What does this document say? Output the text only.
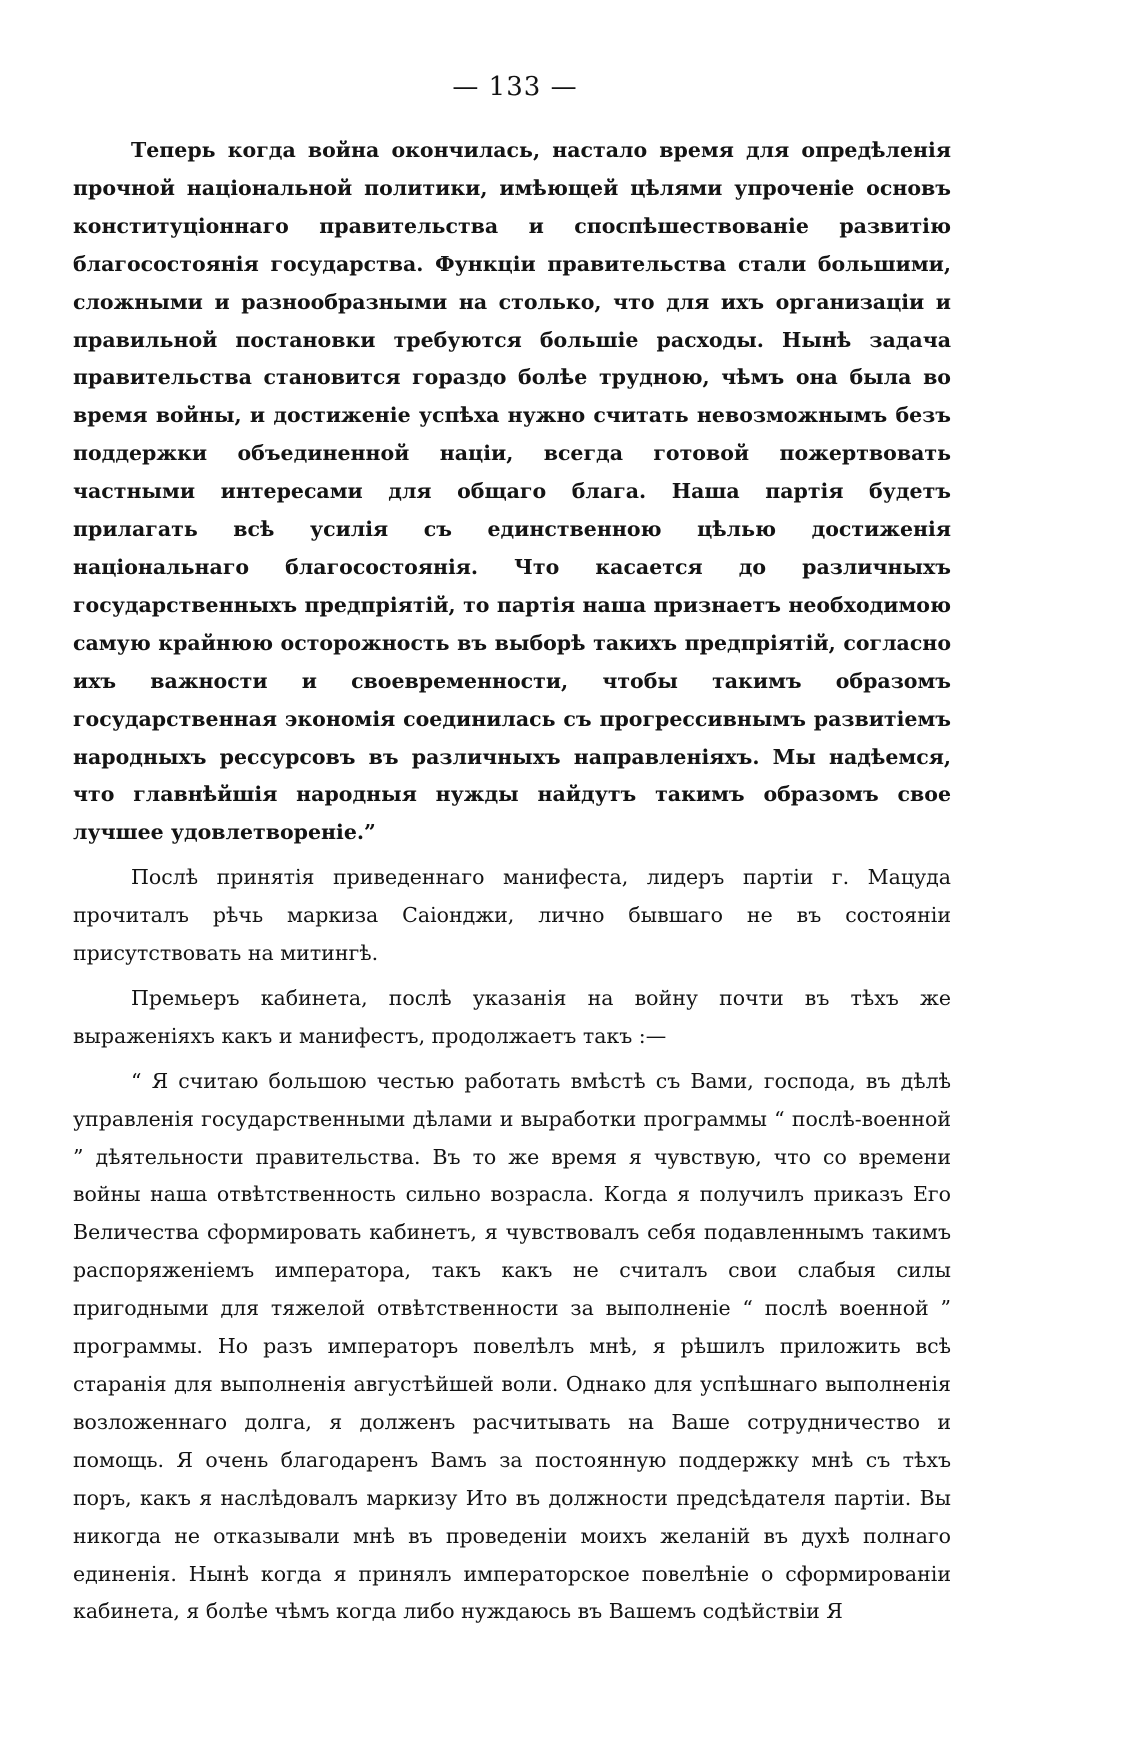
— 133 —

Теперь когда война окончилась, настало время для опредѣленія прочной національной политики, имѣющей цѣлями упроченіе основъ конституціоннаго правительства и споспѣшествованіе развитію благосостоянія государства. Функціи правительства стали большими, сложными и разнообразными на столько, что для ихъ организаціи и правильной постановки требуются большіе расходы. Нынѣ задача правительства становится гораздо болѣе трудною, чѣмъ она была во время войны, и достиженіе успѣха нужно считать невозможнымъ безъ поддержки объединенной націи, всегда готовой пожертвовать частными интересами для общаго блага. Наша партія будетъ прилагать всѣ усилія съ единственною цѣлью достиженія національнаго благосостоянія. Что касается до различныхъ государственныхъ предпріятій, то партія наша признаетъ необходимою самую крайнюю осторожность въ выборѣ такихъ предпріятій, согласно ихъ важности и своевременности, чтобы такимъ образомъ государственная экономія соединилась съ прогрессивнымъ развитіемъ народныхъ рессурсовъ въ различныхъ направленіяхъ. Мы надѣемся, что главнѣйшія народныя нужды найдутъ такимъ образомъ свое лучшее удовлетвореніе.”

Послѣ принятія приведеннаго манифеста, лидеръ партіи г. Мацуда прочиталъ рѣчь маркиза Саіонджи, лично бывшаго не въ состояніи присутствовать на митингѣ.

Премьеръ кабинета, послѣ указанія на войну почти въ тѣхъ же выраженіяхъ какъ и манифестъ, продолжаетъ такъ :—

“ Я считаю большою честью работать вмѣстѣ съ Вами, господа, въ дѣлѣ управленія государственными дѣлами и выработки программы “ послѣ-военной ” дѣятельности правительства. Въ то же время я чувствую, что со времени войны наша отвѣтственность сильно возрасла. Когда я получилъ приказъ Его Величества сформировать кабинетъ, я чувствовалъ себя подавленнымъ такимъ распоряженіемъ императора, такъ какъ не считалъ свои слабыя силы пригодными для тяжелой отвѣтственности за выполненіе “ послѣ военной ” программы. Но разъ императоръ повелѣлъ мнѣ, я рѣшилъ приложить всѣ старанія для выполненія августѣйшей воли. Однако для успѣшнаго выполненія возложеннаго долга, я долженъ расчитывать на Ваше сотрудничество и помощь. Я очень благодаренъ Вамъ за постоянную поддержку мнѣ съ тѣхъ поръ, какъ я наслѣдовалъ маркизу Ито въ должности предсѣдателя партіи. Вы никогда не отказывали мнѣ въ проведеніи моихъ желаній въ духѣ полнаго единенія. Нынѣ когда я принялъ императорское повелѣніе о сформированіи кабинета, я болѣе чѣмъ когда либо нуждаюсь въ Вашемъ содѣйствіи Я
